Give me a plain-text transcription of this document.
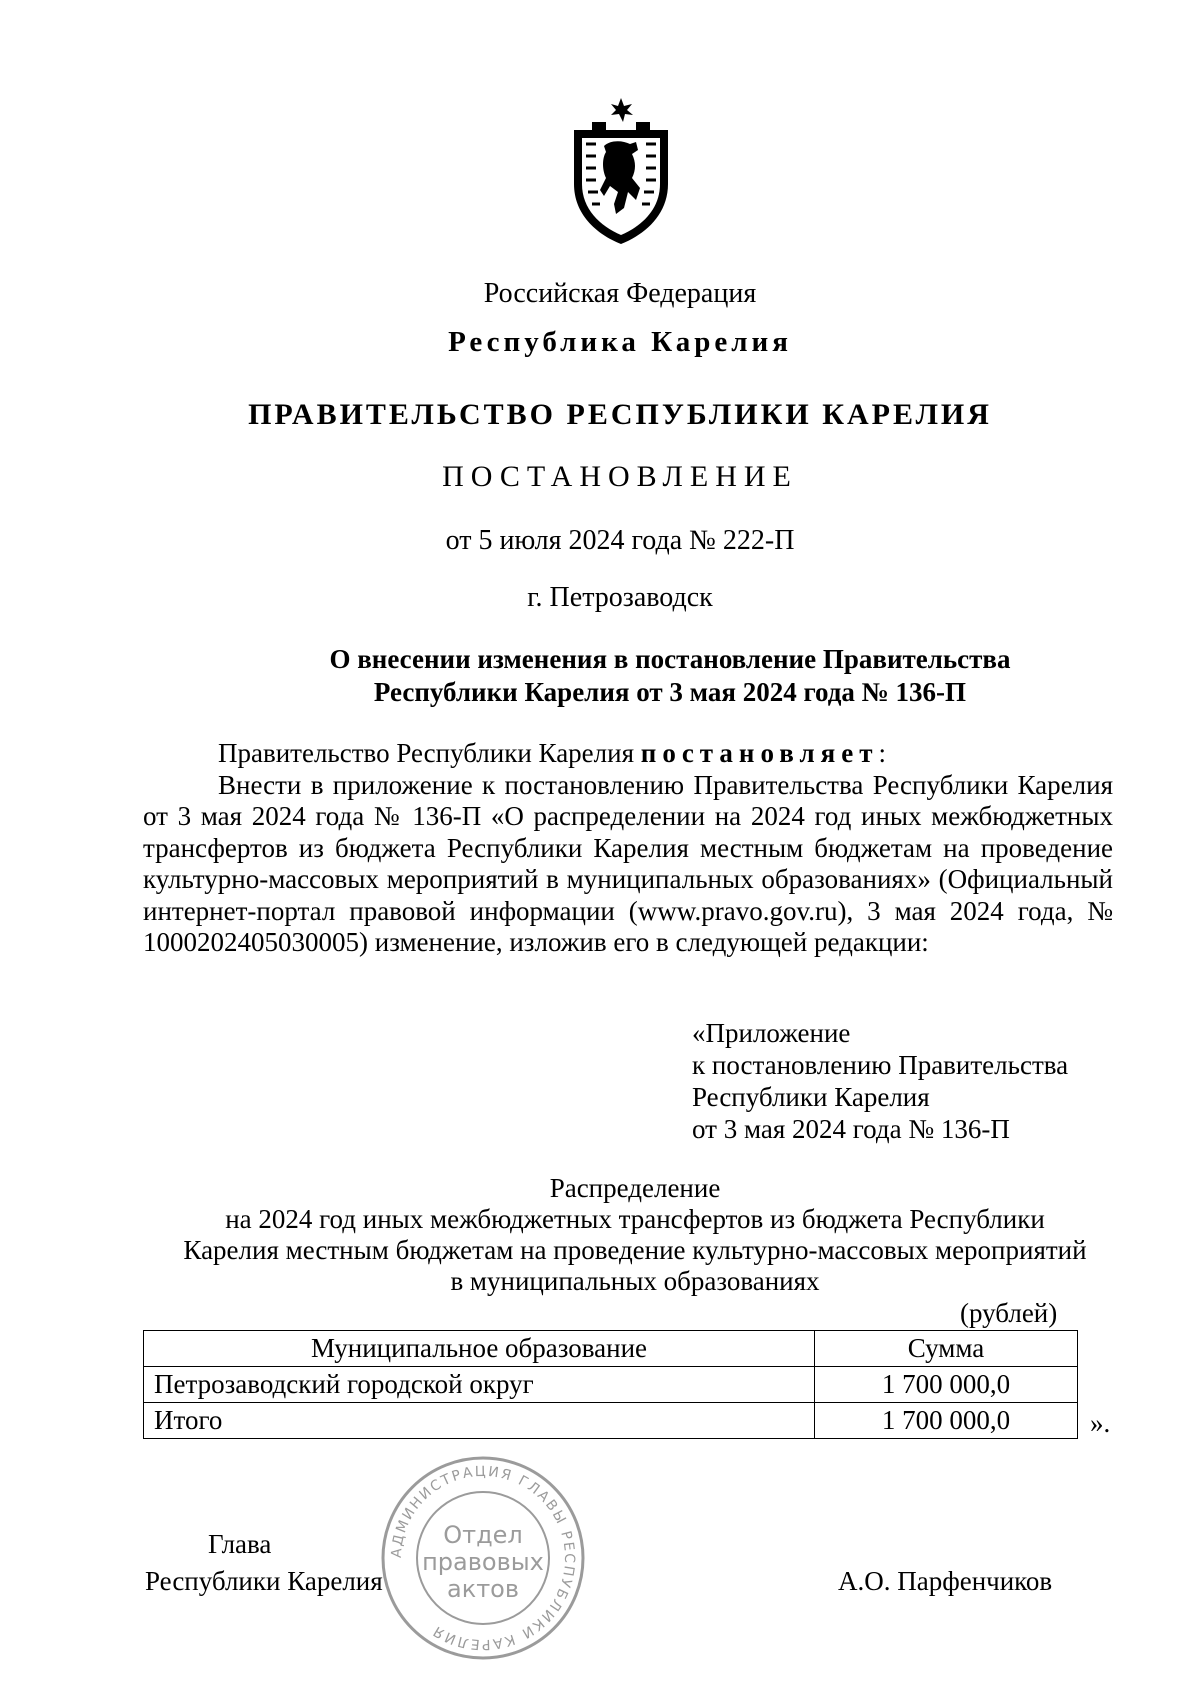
Российская Федерация
Республика Карелия
ПРАВИТЕЛЬСТВО РЕСПУБЛИКИ КАРЕЛИЯ
ПОСТАНОВЛЕНИЕ
от 5 июля 2024 года № 222-П
г. Петрозаводск
О внесении изменения в постановление Правительства
Республики Карелия от 3 мая 2024 года № 136-П

Правительство Республики Карелия постановляет:

Внести в приложение к постановлению Правительства Республики Карелия от 3 мая 2024 года № 136-П «О распределении на 2024 год иных межбюджетных трансфертов из бюджета Республики Карелия местным бюджетам на проведение культурно-массовых мероприятий в муниципальных образованиях» (Официальный интернет-портал правовой информации (www.pravo.gov.ru), 3 мая 2024 года, № 1000202405030005) изменение, изложив его в следующей редакции:

«Приложение
к постановлению Правительства
Республики Карелия
от 3 мая 2024 года № 136-П
Распределение
на 2024 год иных межбюджетных трансфертов из бюджета Республики
Карелия местным бюджетам на проведение культурно-массовых мероприятий
в муниципальных образованиях
(рублей)
Муниципальное образование	Сумма
Петрозаводский городской округ	1 700 000,0
Итого	1 700 000,0	».
Глава
Республики Карелия	А.О. Парфенчиков
АДМИНИСТРАЦИЯ ГЛАВЫ РЕСПУБЛИКИ КАРЕЛИЯ
Отдел
правовых
актов
